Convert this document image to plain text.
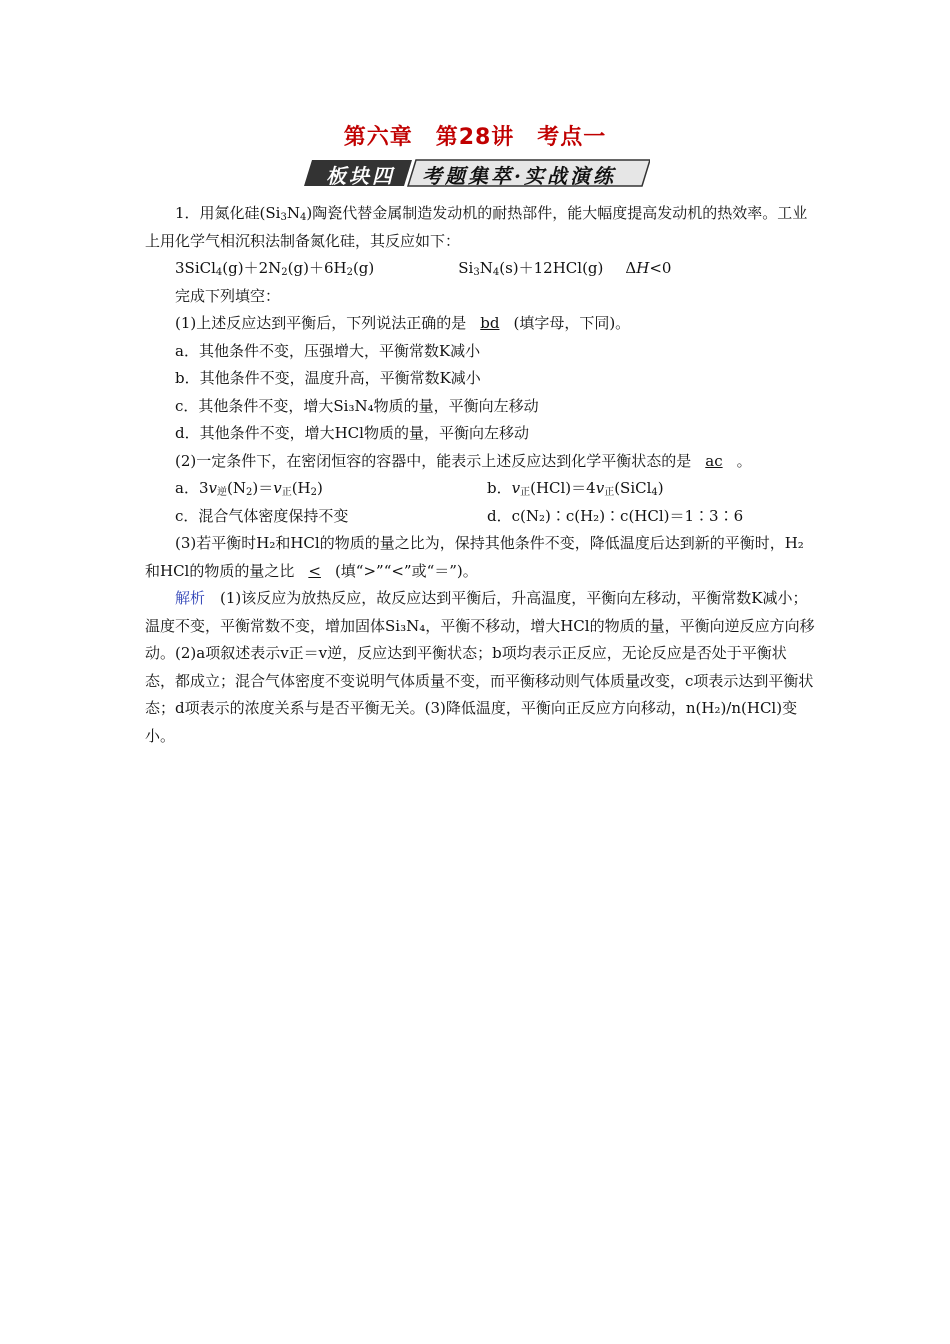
第六章　第28讲　考点一
板块四 考题集萃·实战演练

1．用氮化硅$(Si_3N_4)$陶瓷代替金属制造发动机的耐热部件，能大幅度提高发动机的热效率。工业上用化学气相沉积法制备氮化硅，其反应如下：

$3SiCl_4(g)+2N_2(g)+6H_2(g)$	$Si_3N_4(s)+12HCl(g)$ ΔH<0

完成下列填空：

(1)上述反应达到平衡后，下列说法正确的是 bd (填字母，下同)。

a．其他条件不变，压强增大，平衡常数K减小

b．其他条件不变，温度升高，平衡常数K减小

c．其他条件不变，增大Si₃N₄物质的量，平衡向左移动

d．其他条件不变，增大HCl物质的量，平衡向左移动

(2)一定条件下，在密闭恒容的容器中，能表示上述反应达到化学平衡状态的是 ac 。

a．$3v_逆(N_2)=v_正(H_2)$	b．$v_正(HCl)=4v_正(SiCl_4)$
c．混合气体密度保持不变	d．c(N₂)∶c(H₂)∶c(HCl)＝1∶3∶6

(3)若平衡时H₂和HCl的物质的量之比为，保持其他条件不变，降低温度后达到新的平衡时，H₂和HCl的物质的量之比 < (填“>”“<”或“＝”)。

解析　 (1)该反应为放热反应，故反应达到平衡后，升高温度，平衡向左移动，平衡常数K减小；温度不变，平衡常数不变，增加固体Si₃N₄，平衡不移动，增大HCl的物质的量，平衡向逆反应方向移动。(2)a项叙述表示v正＝v逆，反应达到平衡状态；b项均表示正反应，无论反应是否处于平衡状态，都成立；混合气体密度不变说明气体质量不变，而平衡移动则气体质量改变，c项表示达到平衡状态；d项表示的浓度关系与是否平衡无关。(3)降低温度，平衡向正反应方向移动，n(H₂)/n(HCl)变小。
